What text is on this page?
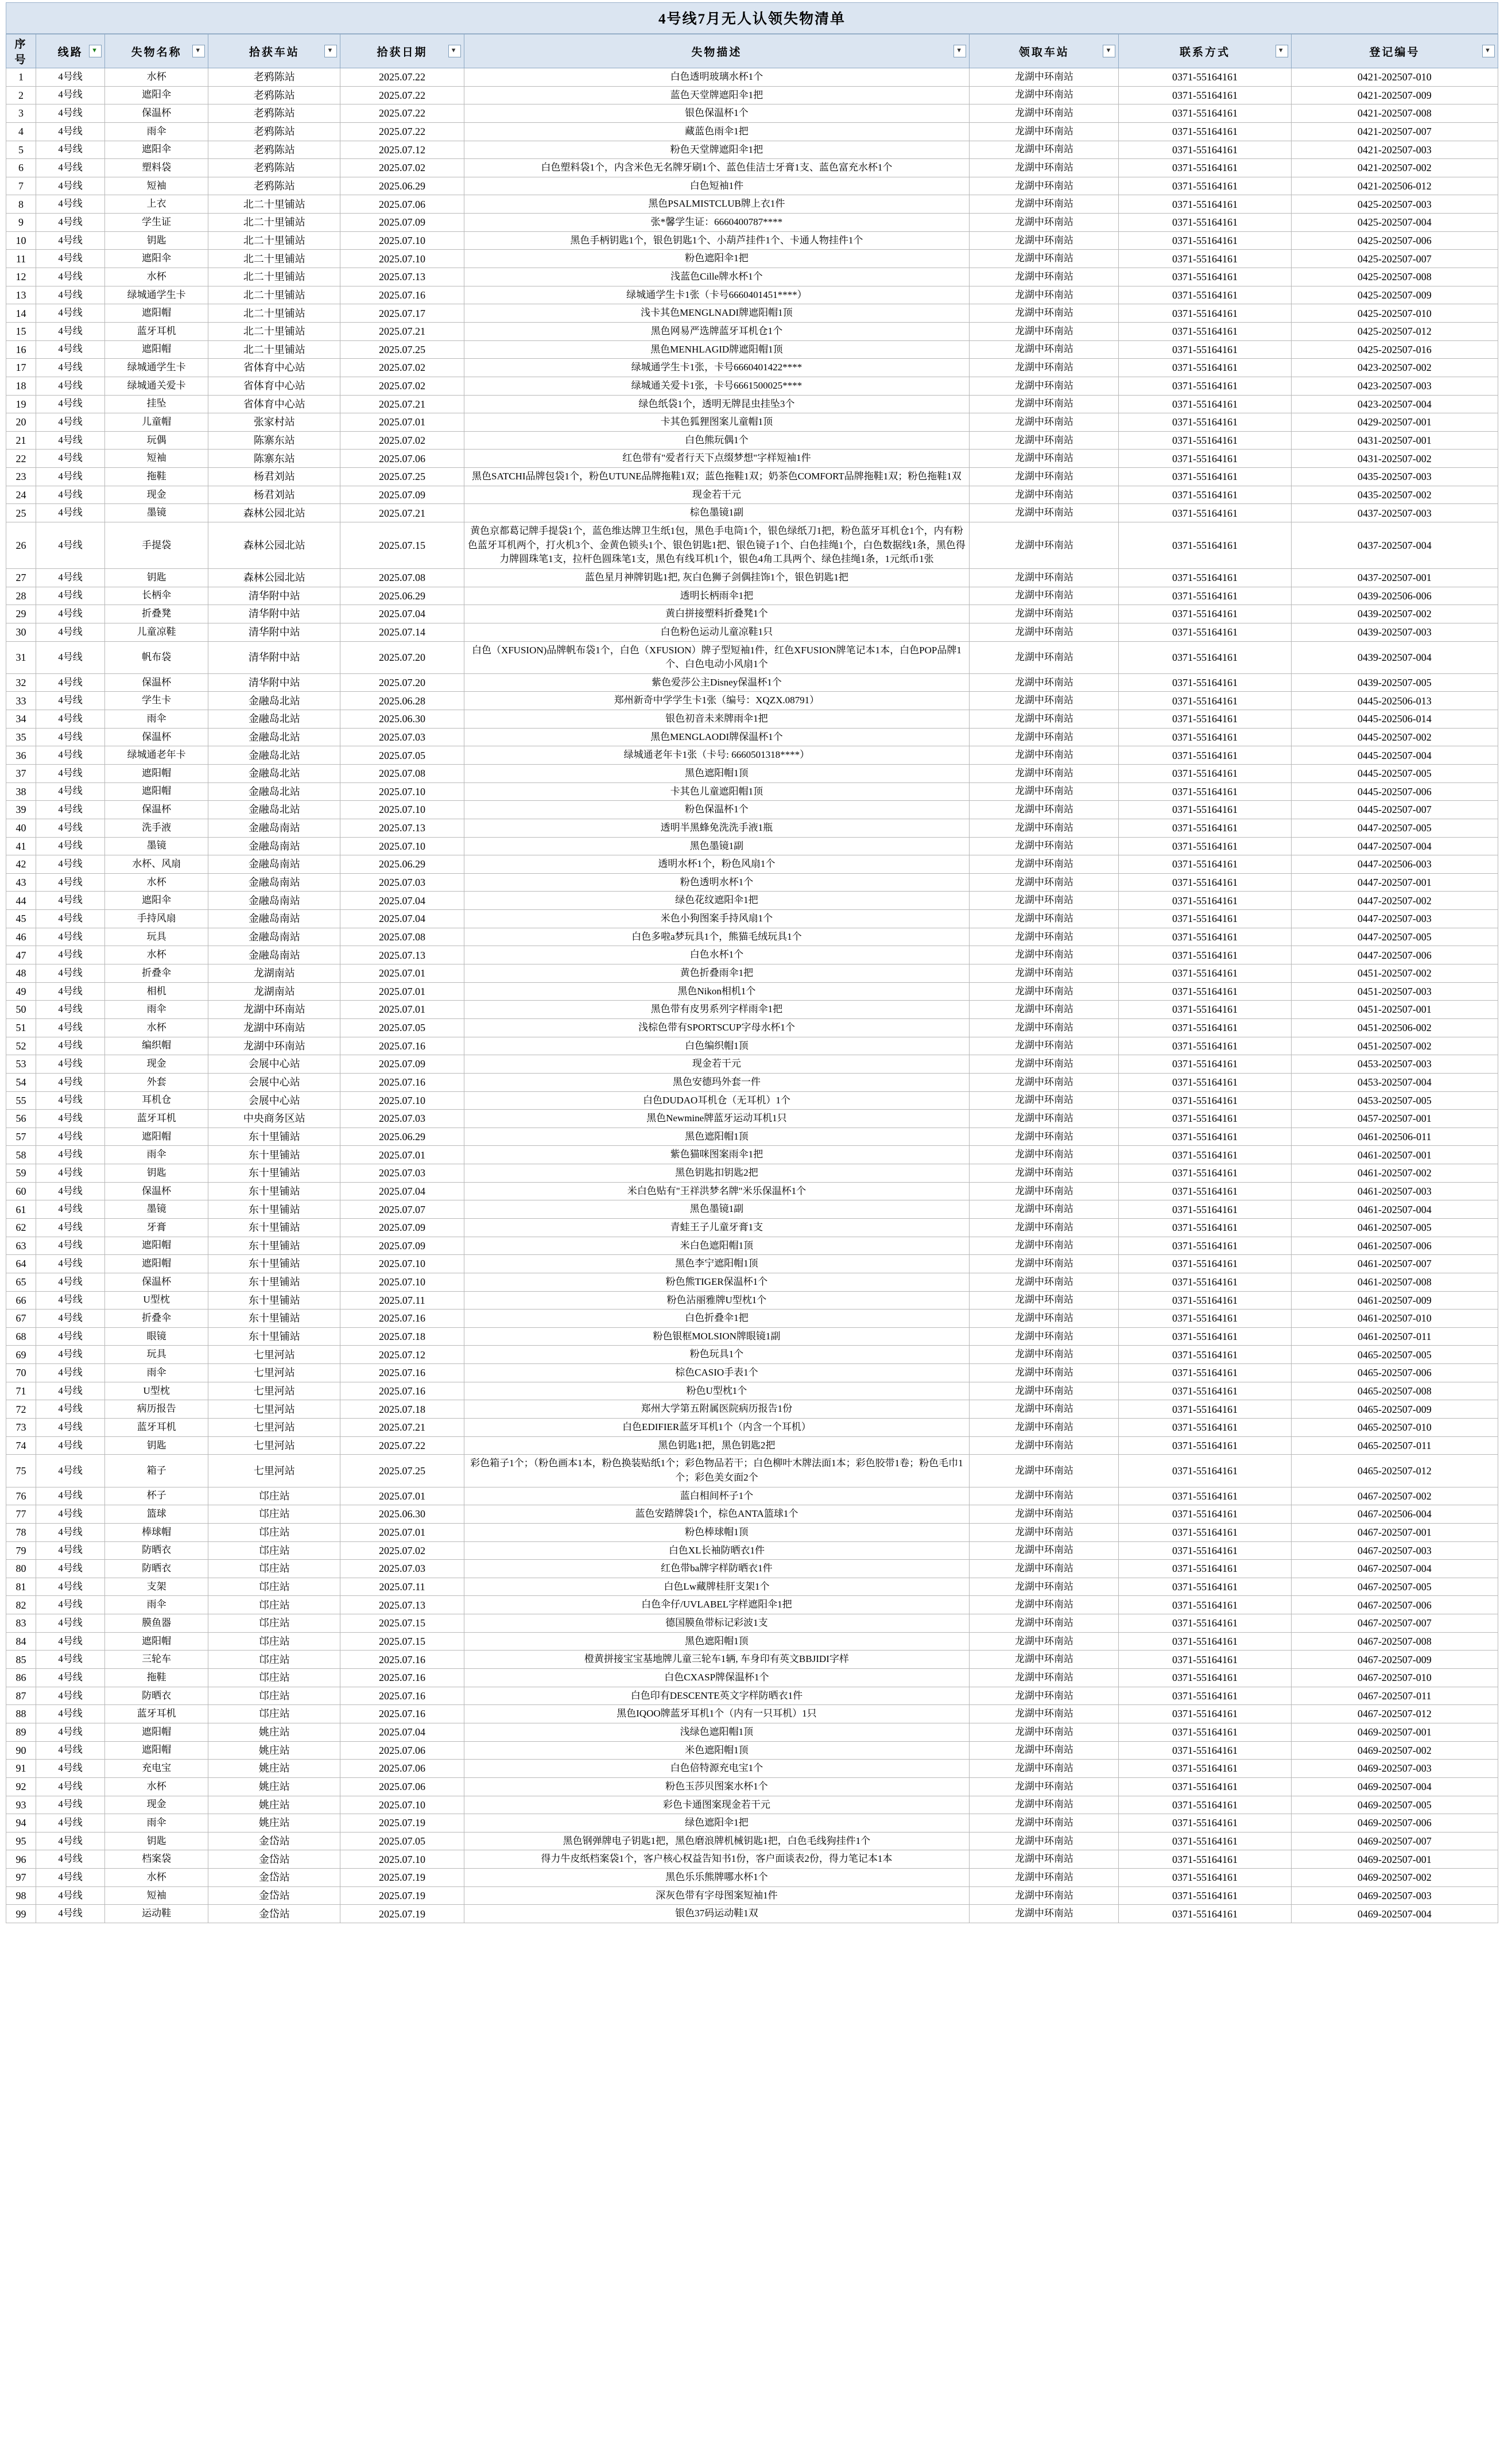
4号线7月无人认领失物清单
序号	线路 ▼	失物名称 ▼	拾获车站 ▼	拾获日期 ▼	失物描述 ▼	领取车站 ▼	联系方式 ▼	登记编号 ▼

1	4号线	水杯	老鸦陈站	2025.07.22	白色透明玻璃水杯1个	龙湖中环南站	0371-55164161	0421-202507-010
2	4号线	遮阳伞	老鸦陈站	2025.07.22	蓝色天堂牌遮阳伞1把	龙湖中环南站	0371-55164161	0421-202507-009
3	4号线	保温杯	老鸦陈站	2025.07.22	银色保温杯1个	龙湖中环南站	0371-55164161	0421-202507-008
4	4号线	雨伞	老鸦陈站	2025.07.22	藏蓝色雨伞1把	龙湖中环南站	0371-55164161	0421-202507-007
5	4号线	遮阳伞	老鸦陈站	2025.07.12	粉色天堂牌遮阳伞1把	龙湖中环南站	0371-55164161	0421-202507-003
6	4号线	塑料袋	老鸦陈站	2025.07.02	白色塑料袋1个，内含米色无名牌牙刷1个、蓝色佳洁士牙膏1支、蓝色富充水杯1个	龙湖中环南站	0371-55164161	0421-202507-002
7	4号线	短袖	老鸦陈站	2025.06.29	白色短袖1件	龙湖中环南站	0371-55164161	0421-202506-012
8	4号线	上衣	北二十里铺站	2025.07.06	黑色PSALMISTCLUB牌上衣1件	龙湖中环南站	0371-55164161	0425-202507-003
9	4号线	学生证	北二十里铺站	2025.07.09	张*馨学生证：6660400787****	龙湖中环南站	0371-55164161	0425-202507-004
10	4号线	钥匙	北二十里铺站	2025.07.10	黑色手柄钥匙1个，银色钥匙1个、小葫芦挂件1个、卡通人物挂件1个	龙湖中环南站	0371-55164161	0425-202507-006
11	4号线	遮阳伞	北二十里铺站	2025.07.10	粉色遮阳伞1把	龙湖中环南站	0371-55164161	0425-202507-007
12	4号线	水杯	北二十里铺站	2025.07.13	浅蓝色Cille牌水杯1个	龙湖中环南站	0371-55164161	0425-202507-008
13	4号线	绿城通学生卡	北二十里铺站	2025.07.16	绿城通学生卡1张（卡号6660401451****）	龙湖中环南站	0371-55164161	0425-202507-009
14	4号线	遮阳帽	北二十里铺站	2025.07.17	浅卡其色MENGLNADI牌遮阳帽1顶	龙湖中环南站	0371-55164161	0425-202507-010
15	4号线	蓝牙耳机	北二十里铺站	2025.07.21	黑色网易严选牌蓝牙耳机仓1个	龙湖中环南站	0371-55164161	0425-202507-012
16	4号线	遮阳帽	北二十里铺站	2025.07.25	黑色MENHLAGID牌遮阳帽1顶	龙湖中环南站	0371-55164161	0425-202507-016
17	4号线	绿城通学生卡	省体育中心站	2025.07.02	绿城通学生卡1张，卡号6660401422****	龙湖中环南站	0371-55164161	0423-202507-002
18	4号线	绿城通关爱卡	省体育中心站	2025.07.02	绿城通关爱卡1张，卡号6661500025****	龙湖中环南站	0371-55164161	0423-202507-003
19	4号线	挂坠	省体育中心站	2025.07.21	绿色纸袋1个，透明无牌昆虫挂坠3个	龙湖中环南站	0371-55164161	0423-202507-004
20	4号线	儿童帽	张家村站	2025.07.01	卡其色狐狸图案儿童帽1顶	龙湖中环南站	0371-55164161	0429-202507-001
21	4号线	玩偶	陈寨东站	2025.07.02	白色熊玩偶1个	龙湖中环南站	0371-55164161	0431-202507-001
22	4号线	短袖	陈寨东站	2025.07.06	红色带有"爱者行天下点缀梦想"字样短袖1件	龙湖中环南站	0371-55164161	0431-202507-002
23	4号线	拖鞋	杨君刘站	2025.07.25	黑色SATCHI品牌包袋1个，粉色UTUNE品牌拖鞋1双；蓝色拖鞋1双；奶茶色COMFORT品牌拖鞋1双；粉色拖鞋1双	龙湖中环南站	0371-55164161	0435-202507-003
24	4号线	现金	杨君刘站	2025.07.09	现金若干元	龙湖中环南站	0371-55164161	0435-202507-002
25	4号线	墨镜	森林公园北站	2025.07.21	棕色墨镜1副	龙湖中环南站	0371-55164161	0437-202507-003
26	4号线	手提袋	森林公园北站	2025.07.15	黄色京都葛记牌手提袋1个，蓝色维达牌卫生纸1包，黑色手电筒1个，银色绿纸刀1把，粉色蓝牙耳机仓1个，内有粉色蓝牙耳机两个，打火机3个、金黄色锁头1个、银色钥匙1把、银色镜子1个、白色挂绳1个，白色数据线1条，黑色得力牌圆珠笔1支，拉杆色圆珠笔1支，黑色有线耳机1个，银色4角工具两个、绿色挂绳1条，1元纸币1张	龙湖中环南站	0371-55164161	0437-202507-004
27	4号线	钥匙	森林公园北站	2025.07.08	蓝色星月神牌钥匙1把, 灰白色狮子剑偶挂饰1个，银色钥匙1把	龙湖中环南站	0371-55164161	0437-202507-001
28	4号线	长柄伞	清华附中站	2025.06.29	透明长柄雨伞1把	龙湖中环南站	0371-55164161	0439-202506-006
29	4号线	折叠凳	清华附中站	2025.07.04	黄白拼接塑料折叠凳1个	龙湖中环南站	0371-55164161	0439-202507-002
30	4号线	儿童凉鞋	清华附中站	2025.07.14	白色粉色运动儿童凉鞋1只	龙湖中环南站	0371-55164161	0439-202507-003
31	4号线	帆布袋	清华附中站	2025.07.20	白色（XFUSION)品牌帆布袋1个，白色（XFUSION）牌子型短袖1件，红色XFUSION牌笔记本1本，白色POP品牌1个、白色电动小风扇1个	龙湖中环南站	0371-55164161	0439-202507-004
32	4号线	保温杯	清华附中站	2025.07.20	紫色爱莎公主Disney保温杯1个	龙湖中环南站	0371-55164161	0439-202507-005
33	4号线	学生卡	金融岛北站	2025.06.28	郑州新奇中学学生卡1张（编号：XQZX.08791）	龙湖中环南站	0371-55164161	0445-202506-013
34	4号线	雨伞	金融岛北站	2025.06.30	银色初音未来牌雨伞1把	龙湖中环南站	0371-55164161	0445-202506-014
35	4号线	保温杯	金融岛北站	2025.07.03	黑色MENGLAODI牌保温杯1个	龙湖中环南站	0371-55164161	0445-202507-002
36	4号线	绿城通老年卡	金融岛北站	2025.07.05	绿城通老年卡1张（卡号: 6660501318****）	龙湖中环南站	0371-55164161	0445-202507-004
37	4号线	遮阳帽	金融岛北站	2025.07.08	黑色遮阳帽1顶	龙湖中环南站	0371-55164161	0445-202507-005
38	4号线	遮阳帽	金融岛北站	2025.07.10	卡其色儿童遮阳帽1顶	龙湖中环南站	0371-55164161	0445-202507-006
39	4号线	保温杯	金融岛北站	2025.07.10	粉色保温杯1个	龙湖中环南站	0371-55164161	0445-202507-007
40	4号线	洗手液	金融岛南站	2025.07.13	透明半黑蜂免洗洗手液1瓶	龙湖中环南站	0371-55164161	0447-202507-005
41	4号线	墨镜	金融岛南站	2025.07.10	黑色墨镜1副	龙湖中环南站	0371-55164161	0447-202507-004
42	4号线	水杯、风扇	金融岛南站	2025.06.29	透明水杯1个，粉色风扇1个	龙湖中环南站	0371-55164161	0447-202506-003
43	4号线	水杯	金融岛南站	2025.07.03	粉色透明水杯1个	龙湖中环南站	0371-55164161	0447-202507-001
44	4号线	遮阳伞	金融岛南站	2025.07.04	绿色花纹遮阳伞1把	龙湖中环南站	0371-55164161	0447-202507-002
45	4号线	手持风扇	金融岛南站	2025.07.04	米色小狗图案手持风扇1个	龙湖中环南站	0371-55164161	0447-202507-003
46	4号线	玩具	金融岛南站	2025.07.08	白色多啦a梦玩具1个，熊猫毛绒玩具1个	龙湖中环南站	0371-55164161	0447-202507-005
47	4号线	水杯	金融岛南站	2025.07.13	白色水杯1个	龙湖中环南站	0371-55164161	0447-202507-006
48	4号线	折叠伞	龙湖南站	2025.07.01	黄色折叠雨伞1把	龙湖中环南站	0371-55164161	0451-202507-002
49	4号线	相机	龙湖南站	2025.07.01	黑色Nikon相机1个	龙湖中环南站	0371-55164161	0451-202507-003
50	4号线	雨伞	龙湖中环南站	2025.07.01	黑色带有皮男系列字样雨伞1把	龙湖中环南站	0371-55164161	0451-202507-001
51	4号线	水杯	龙湖中环南站	2025.07.05	浅棕色带有SPORTSCUP字母水杯1个	龙湖中环南站	0371-55164161	0451-202506-002
52	4号线	编织帽	龙湖中环南站	2025.07.16	白色编织帽1顶	龙湖中环南站	0371-55164161	0451-202507-002
53	4号线	现金	会展中心站	2025.07.09	现金若干元	龙湖中环南站	0371-55164161	0453-202507-003
54	4号线	外套	会展中心站	2025.07.16	黑色安德玛外套一件	龙湖中环南站	0371-55164161	0453-202507-004
55	4号线	耳机仓	会展中心站	2025.07.10	白色DUDAO耳机仓（无耳机）1个	龙湖中环南站	0371-55164161	0453-202507-005
56	4号线	蓝牙耳机	中央商务区站	2025.07.03	黑色Newmine牌蓝牙运动耳机1只	龙湖中环南站	0371-55164161	0457-202507-001
57	4号线	遮阳帽	东十里铺站	2025.06.29	黑色遮阳帽1顶	龙湖中环南站	0371-55164161	0461-202506-011
58	4号线	雨伞	东十里铺站	2025.07.01	紫色猫咪图案雨伞1把	龙湖中环南站	0371-55164161	0461-202507-001
59	4号线	钥匙	东十里铺站	2025.07.03	黑色钥匙扣钥匙2把	龙湖中环南站	0371-55164161	0461-202507-002
60	4号线	保温杯	东十里铺站	2025.07.04	米白色贴有"王祥洪梦名牌"米乐保温杯1个	龙湖中环南站	0371-55164161	0461-202507-003
61	4号线	墨镜	东十里铺站	2025.07.07	黑色墨镜1副	龙湖中环南站	0371-55164161	0461-202507-004
62	4号线	牙膏	东十里铺站	2025.07.09	青蛙王子儿童牙膏1支	龙湖中环南站	0371-55164161	0461-202507-005
63	4号线	遮阳帽	东十里铺站	2025.07.09	米白色遮阳帽1顶	龙湖中环南站	0371-55164161	0461-202507-006
64	4号线	遮阳帽	东十里铺站	2025.07.10	黑色李宁遮阳帽1顶	龙湖中环南站	0371-55164161	0461-202507-007
65	4号线	保温杯	东十里铺站	2025.07.10	粉色熊TIGER保温杯1个	龙湖中环南站	0371-55164161	0461-202507-008
66	4号线	U型枕	东十里铺站	2025.07.11	粉色沾丽雅牌U型枕1个	龙湖中环南站	0371-55164161	0461-202507-009
67	4号线	折叠伞	东十里铺站	2025.07.16	白色折叠伞1把	龙湖中环南站	0371-55164161	0461-202507-010
68	4号线	眼镜	东十里铺站	2025.07.18	粉色银框MOLSION牌眼镜1副	龙湖中环南站	0371-55164161	0461-202507-011
69	4号线	玩具	七里河站	2025.07.12	粉色玩具1个	龙湖中环南站	0371-55164161	0465-202507-005
70	4号线	雨伞	七里河站	2025.07.16	棕色CASIO手表1个	龙湖中环南站	0371-55164161	0465-202507-006
71	4号线	U型枕	七里河站	2025.07.16	粉色U型枕1个	龙湖中环南站	0371-55164161	0465-202507-008
72	4号线	病历报告	七里河站	2025.07.18	郑州大学第五附属医院病历报告1份	龙湖中环南站	0371-55164161	0465-202507-009
73	4号线	蓝牙耳机	七里河站	2025.07.21	白色EDIFIER蓝牙耳机1个（内含一个耳机）	龙湖中环南站	0371-55164161	0465-202507-010
74	4号线	钥匙	七里河站	2025.07.22	黑色钥匙1把，黑色钥匙2把	龙湖中环南站	0371-55164161	0465-202507-011
75	4号线	箱子	七里河站	2025.07.25	彩色箱子1个；（粉色画本1本，粉色换装贴纸1个；彩色物品若干；白色柳叶木牌法面1本；彩色胶带1卷；粉色毛巾1个；彩色美女面2个	龙湖中环南站	0371-55164161	0465-202507-012
76	4号线	杯子	邙庄站	2025.07.01	蓝白相间杯子1个	龙湖中环南站	0371-55164161	0467-202507-002
77	4号线	篮球	邙庄站	2025.06.30	蓝色安踏牌袋1个，棕色ANTA篮球1个	龙湖中环南站	0371-55164161	0467-202506-004
78	4号线	棒球帽	邙庄站	2025.07.01	粉色棒球帽1顶	龙湖中环南站	0371-55164161	0467-202507-001
79	4号线	防晒衣	邙庄站	2025.07.02	白色XL长袖防晒衣1件	龙湖中环南站	0371-55164161	0467-202507-003
80	4号线	防晒衣	邙庄站	2025.07.03	红色带ba牌字样防晒衣1件	龙湖中环南站	0371-55164161	0467-202507-004
81	4号线	支架	邙庄站	2025.07.11	白色Lw藏牌桂肝支架1个	龙湖中环南站	0371-55164161	0467-202507-005
82	4号线	雨伞	邙庄站	2025.07.13	白色伞仔/UVLABEL字样遮阳伞1把	龙湖中环南站	0371-55164161	0467-202507-006
83	4号线	膜鱼器	邙庄站	2025.07.15	德国膜鱼带标记彩波1支	龙湖中环南站	0371-55164161	0467-202507-007
84	4号线	遮阳帽	邙庄站	2025.07.15	黑色遮阳帽1顶	龙湖中环南站	0371-55164161	0467-202507-008
85	4号线	三轮车	邙庄站	2025.07.16	橙黄拼接宝宝基地牌儿童三轮车1辆, 车身印有英文BBJIDI字样	龙湖中环南站	0371-55164161	0467-202507-009
86	4号线	拖鞋	邙庄站	2025.07.16	白色CXASP牌保温杯1个	龙湖中环南站	0371-55164161	0467-202507-010
87	4号线	防晒衣	邙庄站	2025.07.16	白色印有DESCENTE英文字样防晒衣1件	龙湖中环南站	0371-55164161	0467-202507-011
88	4号线	蓝牙耳机	邙庄站	2025.07.16	黑色IQOO牌蓝牙耳机1个（内有一只耳机）1只	龙湖中环南站	0371-55164161	0467-202507-012
89	4号线	遮阳帽	姚庄站	2025.07.04	浅绿色遮阳帽1顶	龙湖中环南站	0371-55164161	0469-202507-001
90	4号线	遮阳帽	姚庄站	2025.07.06	米色遮阳帽1顶	龙湖中环南站	0371-55164161	0469-202507-002
91	4号线	充电宝	姚庄站	2025.07.06	白色倍特源充电宝1个	龙湖中环南站	0371-55164161	0469-202507-003
92	4号线	水杯	姚庄站	2025.07.06	粉色玉莎贝图案水杯1个	龙湖中环南站	0371-55164161	0469-202507-004
93	4号线	现金	姚庄站	2025.07.10	彩色卡通图案现金若干元	龙湖中环南站	0371-55164161	0469-202507-005
94	4号线	雨伞	姚庄站	2025.07.19	绿色遮阳伞1把	龙湖中环南站	0371-55164161	0469-202507-006
95	4号线	钥匙	金岱站	2025.07.05	黑色钢弹牌电子钥匙1把，黑色磨浪牌机械钥匙1把，白色毛线狗挂件1个	龙湖中环南站	0371-55164161	0469-202507-007
96	4号线	档案袋	金岱站	2025.07.10	得力牛皮纸档案袋1个，客户核心权益告知书1份，客户面谈表2份，得力笔记本1本	龙湖中环南站	0371-55164161	0469-202507-001
97	4号线	水杯	金岱站	2025.07.19	黑色乐乐熊牌哪水杯1个	龙湖中环南站	0371-55164161	0469-202507-002
98	4号线	短袖	金岱站	2025.07.19	深灰色带有字母图案短袖1件	龙湖中环南站	0371-55164161	0469-202507-003
99	4号线	运动鞋	金岱站	2025.07.19	银色37码运动鞋1双	龙湖中环南站	0371-55164161	0469-202507-004
